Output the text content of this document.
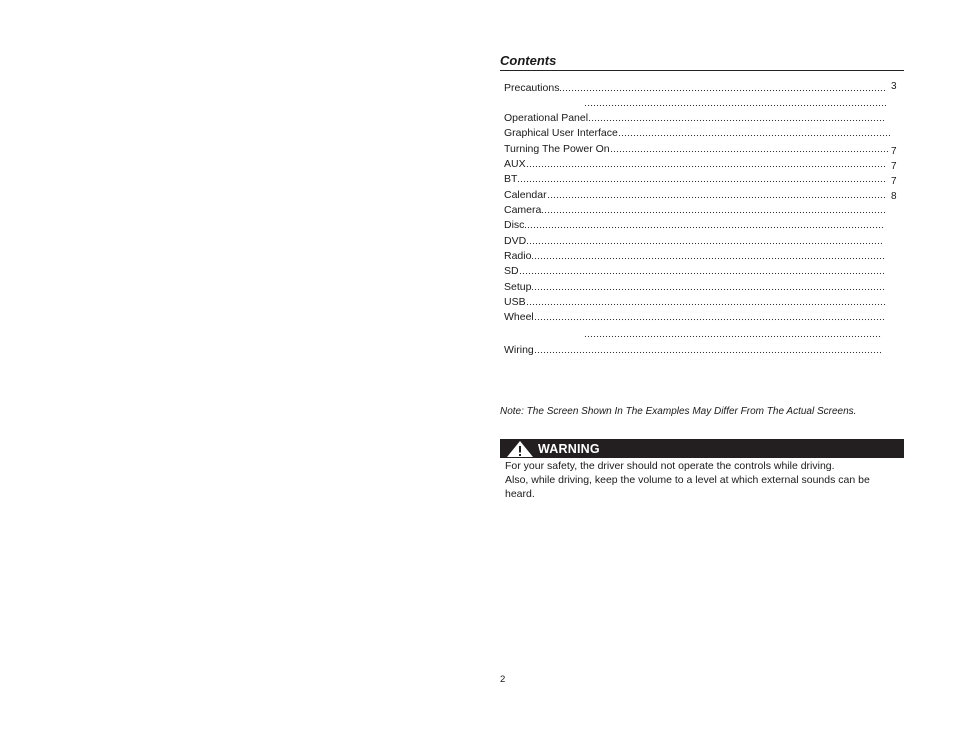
Contents
Precautions	3
Operational Panel
Graphical User Interface
Turning The Power On	7
AUX	7
BT	7
Calendar	8
Camera
Disc
DVD
Radio
SD
Setup
USB
Wheel
Wiring
Note: The Screen Shown In The Examples May Differ From The Actual Screens.
WARNING

For your safety, the driver should not operate the controls while driving.
Also, while driving, keep the volume to a level at which external sounds can be heard.

2
